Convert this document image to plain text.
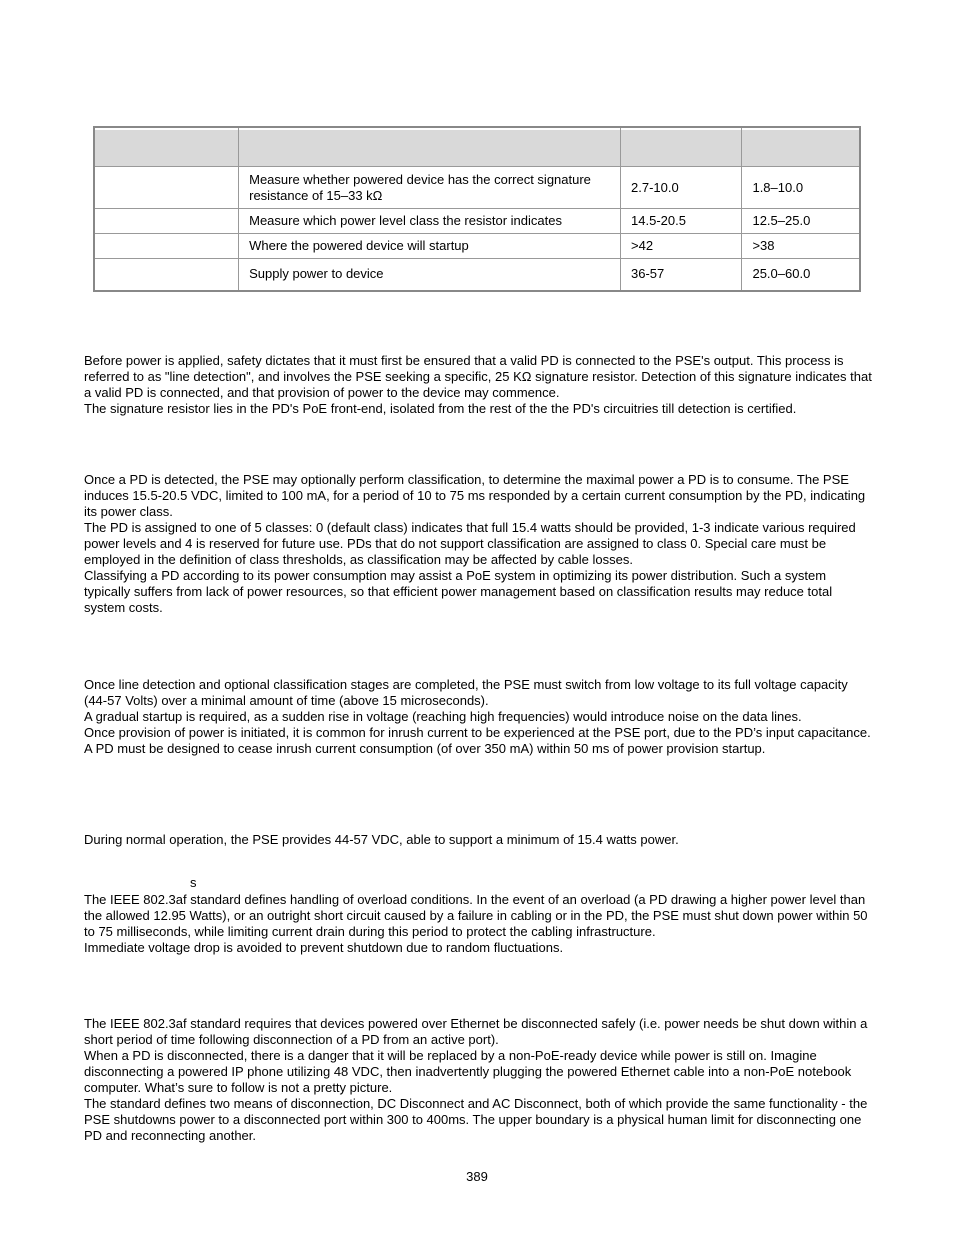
	Measure whether powered device has the correct signature resistance of 15–33 kΩ	2.7-10.0	1.8–10.0
	Measure which power level class the resistor indicates	14.5-20.5	12.5–25.0
	Where the powered device will startup	>42	>38
	Supply power to device	36-57	25.0–60.0

Before power is applied, safety dictates that it must first be ensured that a valid PD is connected to the PSE's output. This process is referred to as "line detection", and involves the PSE seeking a specific, 25 KΩ signature resistor. Detection of this signature indicates that a valid PD is connected, and that provision of power to the device may commence.
The signature resistor lies in the PD's PoE front-end, isolated from the rest of the the PD's circuitries till detection is certified.

Once a PD is detected, the PSE may optionally perform classification, to determine the maximal power a PD is to consume. The PSE induces 15.5-20.5 VDC, limited to 100 mA, for a period of 10 to 75 ms responded by a certain current consumption by the PD, indicating its power class.
The PD is assigned to one of 5 classes: 0 (default class) indicates that full 15.4 watts should be provided, 1-3 indicate various required power levels and 4 is reserved for future use. PDs that do not support classification are assigned to class 0. Special care must be employed in the definition of class thresholds, as classification may be affected by cable losses.
Classifying a PD according to its power consumption may assist a PoE system in optimizing its power distribution. Such a system typically suffers from lack of power resources, so that efficient power management based on classification results may reduce total system costs.

Once line detection and optional classification stages are completed, the PSE must switch from low voltage to its full voltage capacity (44-57 Volts) over a minimal amount of time (above 15 microseconds).
A gradual startup is required, as a sudden rise in voltage (reaching high frequencies) would introduce noise on the data lines.
Once provision of power is initiated, it is common for inrush current to be experienced at the PSE port, due to the PD’s input capacitance. A PD must be designed to cease inrush current consumption (of over 350 mA) within 50 ms of power provision startup.

During normal operation, the PSE provides 44-57 VDC, able to support a minimum of 15.4 watts power.

s

The IEEE 802.3af standard defines handling of overload conditions. In the event of an overload (a PD drawing a higher power level than the allowed 12.95 Watts), or an outright short circuit caused by a failure in cabling or in the PD, the PSE must shut down power within 50 to 75 milliseconds, while limiting current drain during this period to protect the cabling infrastructure.
Immediate voltage drop is avoided to prevent shutdown due to random fluctuations.

The IEEE 802.3af standard requires that devices powered over Ethernet be disconnected safely (i.e. power needs be shut down within a short period of time following disconnection of a PD from an active port).
When a PD is disconnected, there is a danger that it will be replaced by a non-PoE-ready device while power is still on. Imagine disconnecting a powered IP phone utilizing 48 VDC, then inadvertently plugging the powered Ethernet cable into a non-PoE notebook computer. What’s sure to follow is not a pretty picture.
The standard defines two means of disconnection, DC Disconnect and AC Disconnect, both of which provide the same functionality - the PSE shutdowns power to a disconnected port within 300 to 400ms. The upper boundary is a physical human limit for disconnecting one PD and reconnecting another.

389
